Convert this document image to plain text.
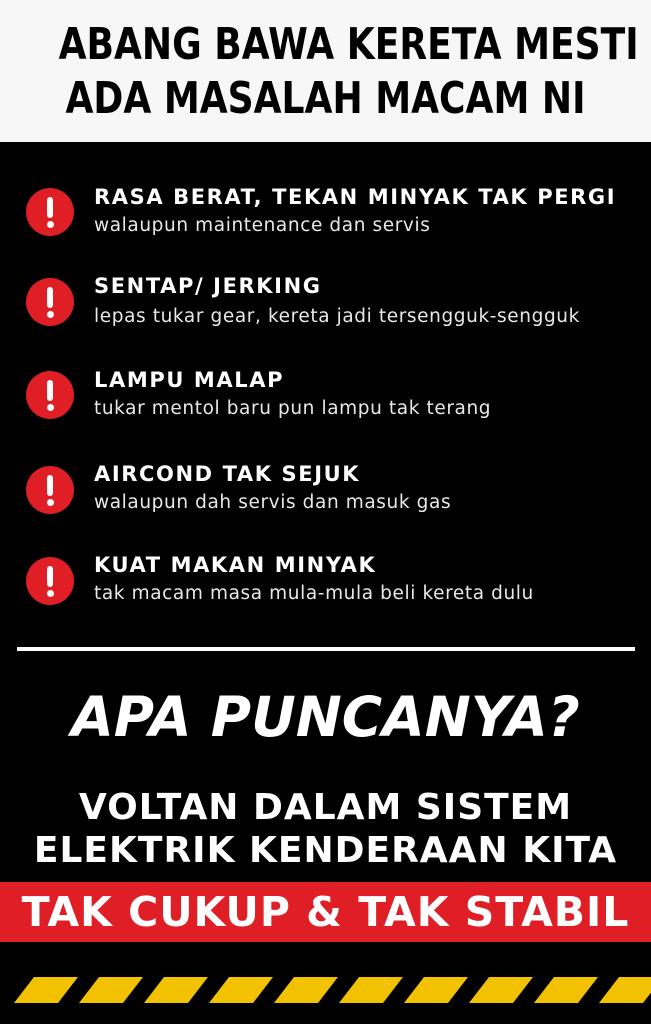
ABANG BAWA KERETA MESTI
ADA MASALAH MACAM NI
RASA BERAT, TEKAN MINYAK TAK PERGI
walaupun maintenance dan servis
SENTAP/ JERKING
lepas tukar gear, kereta jadi tersengguk-sengguk
LAMPU MALAP
tukar mentol baru pun lampu tak terang
AIRCOND TAK SEJUK
walaupun dah servis dan masuk gas
KUAT MAKAN MINYAK
tak macam masa mula-mula beli kereta dulu
APA PUNCANYA?
VOLTAN DALAM SISTEM
ELEKTRIK KENDERAAN KITA
TAK CUKUP & TAK STABIL
